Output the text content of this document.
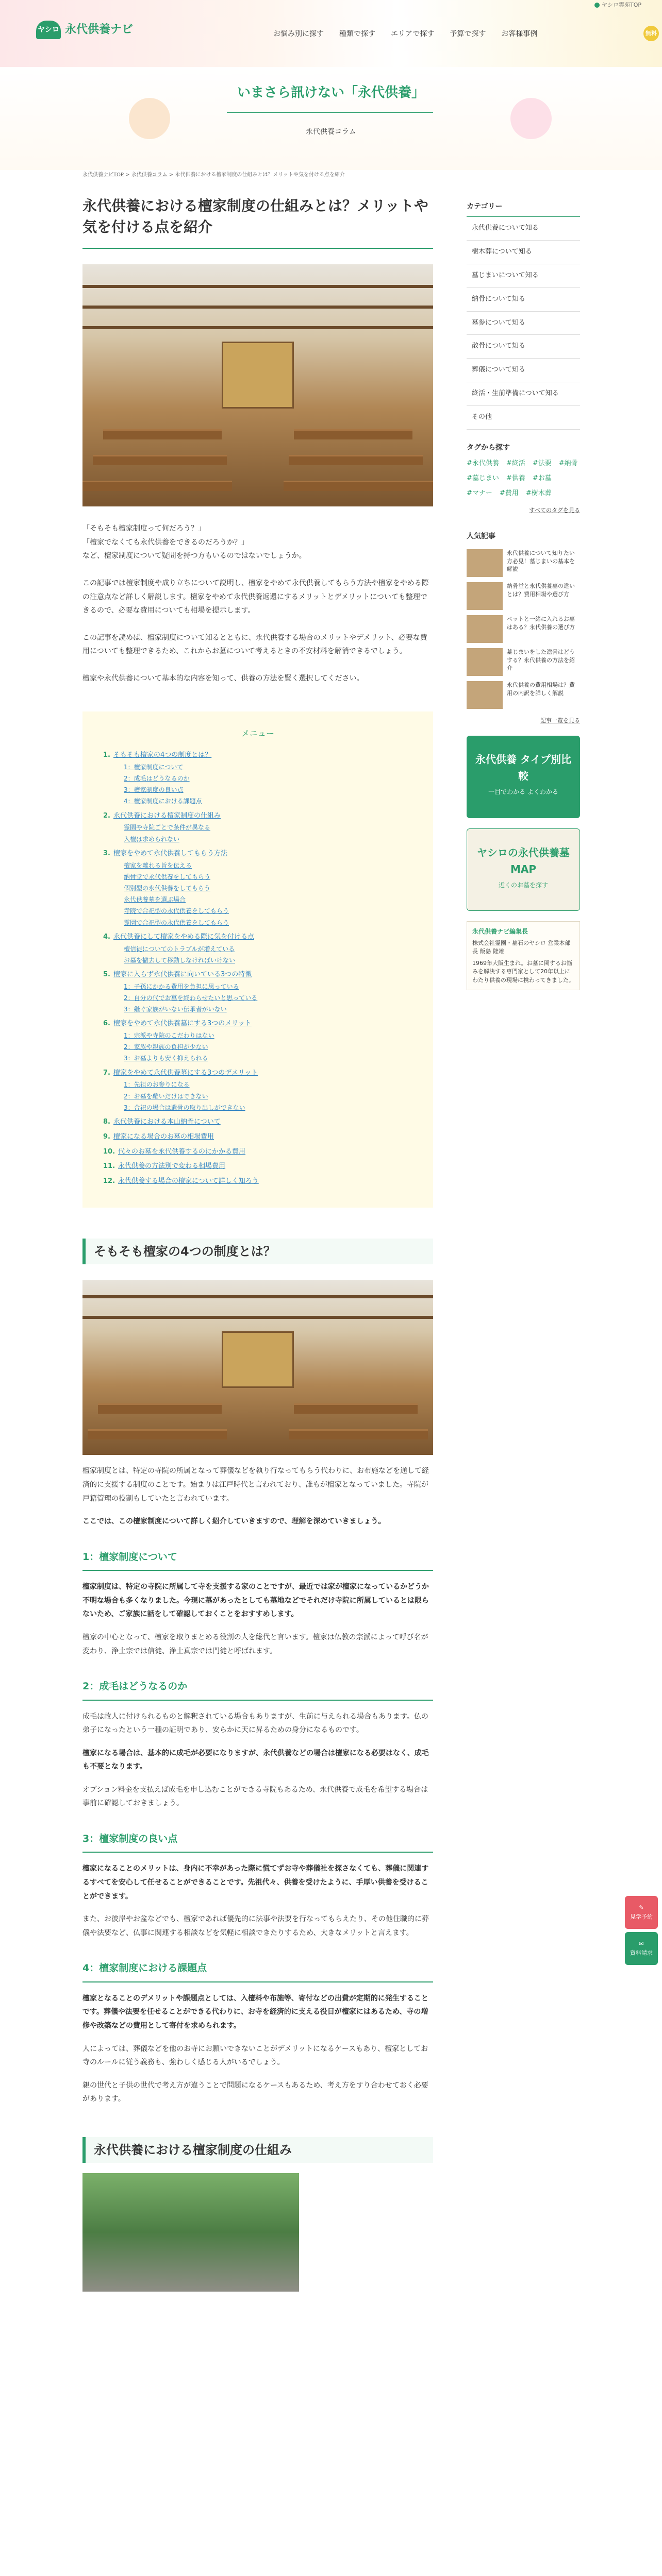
ヤシロ霊苑TOP
ヤシロ 永代供養ナビ	お悩み別に探す 種類で探す エリアで探す 予算で探す お客様事例	無料
いまさら訊けない「永代供養」
永代供養コラム
永代供養ナビTOP > 永代供養コラム > 永代供養における檀家制度の仕組みとは？メリットや気を付ける点を紹介
永代供養における檀家制度の仕組みとは？メリットや気を付ける点を紹介

「そもそも檀家制度って何だろう？」

「檀家でなくても永代供養をできるのだろうか？」

など、檀家制度について疑問を持つ方もいるのではないでしょうか。

この記事では檀家制度や成り立ちについて説明し、檀家をやめて永代供養してもらう方法や檀家をやめる際の注意点など詳しく解説します。檀家をやめて永代供養返還にするメリットとデメリットについても整理できるので、必要な費用についても相場を提示します。

この記事を読めば、檀家制度について知るとともに、永代供養する場合のメリットやデメリット、必要な費用についても整理できるため、これからお墓について考えるときの不安材料を解消できるでしょう。

檀家や永代供養について基本的な内容を知って、供養の方法を賢く選択してください。

メニュー
1. そもそも檀家の4つの制度とは？
1：檀家制度について
2：成毛はどうなるのか
3：檀家制度の良い点
4：檀家制度における課題点
2. 永代供養における檀家制度の仕組み
霊園や寺院ごとで条件が異なる
入檀は求められない
3. 檀家をやめて永代供養してもらう方法
檀家を離れる旨を伝える
納骨堂で永代供養をしてもらう
個別型の永代供養をしてもらう
永代供養墓を選ぶ場合
寺院で合祀型の永代供養をしてもらう
霊園で合祀型の永代供養をしてもらう
4. 永代供養にして檀家をやめる際に気を付ける点
檀信徒についてのトラブルが増えている
お墓を撤去して移動しなければいけない
5. 檀家に入らず永代供養に向いている3つの特徴
1：子孫にかかる費用を負担に思っている
2：自分の代でお墓を終わらせたいと思っている
3：継ぐ家族がいない伝承者がいない
6. 檀家をやめて永代供養墓にする3つのメリット
1：宗派や寺院のこだわりはない
2：家族や親族の負担が少ない
3：お墓よりも安く抑えられる
7. 檀家をやめて永代供養墓にする3つのデメリット
1：先祖のお参りになる
2：お墓を離いだけはできない
3：合祀の場合は遺骨の取り出しができない
8. 永代供養における本山納骨について
9. 檀家になる場合のお墓の相場費用
10. 代々のお墓を永代供養するのにかかる費用
11. 永代供養の方法別で変わる相場費用
12. 永代供養する場合の檀家について詳しく知ろう
そもそも檀家の4つの制度とは？

檀家制度とは、特定の寺院の所属となって葬儀などを執り行なってもらう代わりに、お布施などを通して経済的に支援する制度のことです。始まりは江戸時代と言われており、誰もが檀家となっていました。寺院が戸籍管理の役割もしていたと言われています。

ここでは、この檀家制度について詳しく紹介していきますので、理解を深めていきましょう。

1：檀家制度について

檀家制度は、特定の寺院に所属して寺を支援する家のことですが、最近では家が檀家になっているかどうか不明な場合も多くなりました。今現に墓があったとしても墓地などでそれだけ寺院に所属しているとは限らないため、ご家族に話をして確認しておくことをおすすめします。

檀家の中心となって、檀家を取りまとめる役割の人を総代と言います。檀家は仏教の宗派によって呼び名が変わり、浄土宗では信徒、浄土真宗では門徒と呼ばれます。

2：成毛はどうなるのか

成毛は故人に付けられるものと解釈されている場合もありますが、生前に与えられる場合もあります。仏の弟子になったという一種の証明であり、安らかに天に昇るための身分になるものです。

檀家になる場合は、基本的に成毛が必要になりますが、永代供養などの場合は檀家になる必要はなく、成毛も不要となります。

オプション料金を支払えば成毛を申し込むことができる寺院もあるため、永代供養で成毛を希望する場合は事前に確認しておきましょう。

3：檀家制度の良い点

檀家になることのメリットは、身内に不幸があった際に慌てずお寺や葬儀社を探さなくても、葬儀に関連するすべてを安心して任せることができることです。先祖代々、供養を受けたように、手厚い供養を受けることができます。

また、お彼岸やお盆などでも、檀家であれば優先的に法事や法要を行なってもらえたり、その他住職的に葬儀や法要など、仏事に関連する相談などを気軽に相談できたりするため、大きなメリットと言えます。

4：檀家制度における課題点

檀家となることのデメリットや課題点としては、入檀料や布施等、寄付などの出費が定期的に発生することです。葬儀や法要を任せることができる代わりに、お寺を経済的に支える役目が檀家にはあるため、寺の増修や改築などの費用として寄付を求められます。

人によっては、葬儀などを他のお寺にお願いできないことがデメリットになるケースもあり、檀家としてお寺のルールに従う義務も、強わしく感じる人がいるでしょう。

親の世代と子供の世代で考え方が違うことで問題になるケースもあるため、考え方をすり合わせておく必要があります。

永代供養における檀家制度の仕組み
カテゴリー
永代供養について知る
樹木葬について知る
墓じまいについて知る
納骨について知る
墓参について知る
散骨について知る
葬儀について知る
終活・生前準備について知る
その他
タグから探す
#永代供養 #終活 #法要 #納骨
#墓じまい #供養 #お墓
#マナー #費用 #樹木葬
すべてのタグを見る
人気記事
永代供養について知りたい方必見！墓じまいの基本を解説
納骨堂と永代供養墓の違いとは？費用相場や選び方
ペットと一緒に入れるお墓はある？永代供養の選び方
墓じまいをした遺骨はどうする？永代供養の方法を紹介
永代供養の費用相場は？費用の内訳を詳しく解説
記事一覧を見る
永代供養 タイプ別比較
一目でわかる よくわかる
ヤシロの永代供養墓MAP
近くのお墓を探す
永代供養ナビ編集長
株式会社霊園・墓石のヤシロ 営業本部長 飯島 隆雄
1969年大阪生まれ。お墓に関するお悩みを解決する専門家として20年以上にわたり供養の現場に携わってきました。
✎
見学予約
✉
資料請求
